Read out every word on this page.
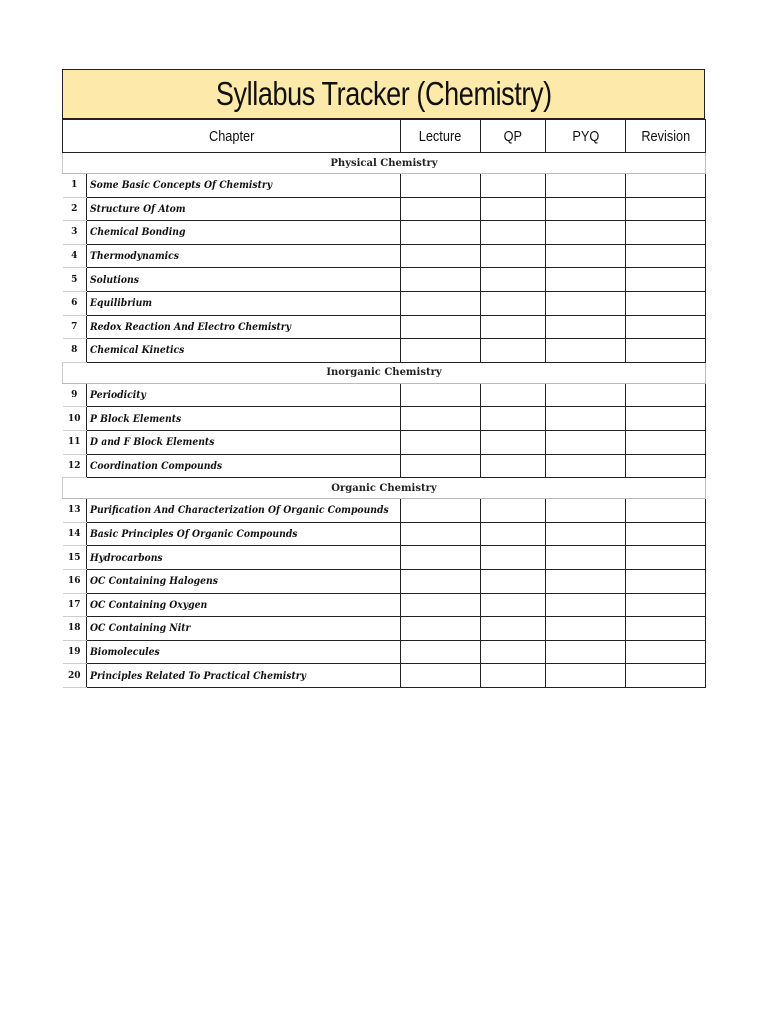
Syllabus Tracker (Chemistry)
Chapter		Lecture	QP	PYQ	Revision
Physical Chemistry					
1	Some Basic Concepts Of Chemistry				
2	Structure Of Atom				
3	Chemical Bonding				
4	Thermodynamics				
5	Solutions				
6	Equilibrium				
7	Redox Reaction And Electro Chemistry				
8	Chemical Kinetics				
Inorganic Chemistry					
9	Periodicity				
10	P Block Elements				
11	D and F Block Elements				
12	Coordination Compounds				
Organic Chemistry					
13	Purification And Characterization Of Organic Compounds				
14	Basic Principles Of Organic Compounds				
15	Hydrocarbons				
16	OC Containing Halogens				
17	OC Containing Oxygen				
18	OC Containing Nitr				
19	Biomolecules				
20	Principles Related To Practical Chemistry				
